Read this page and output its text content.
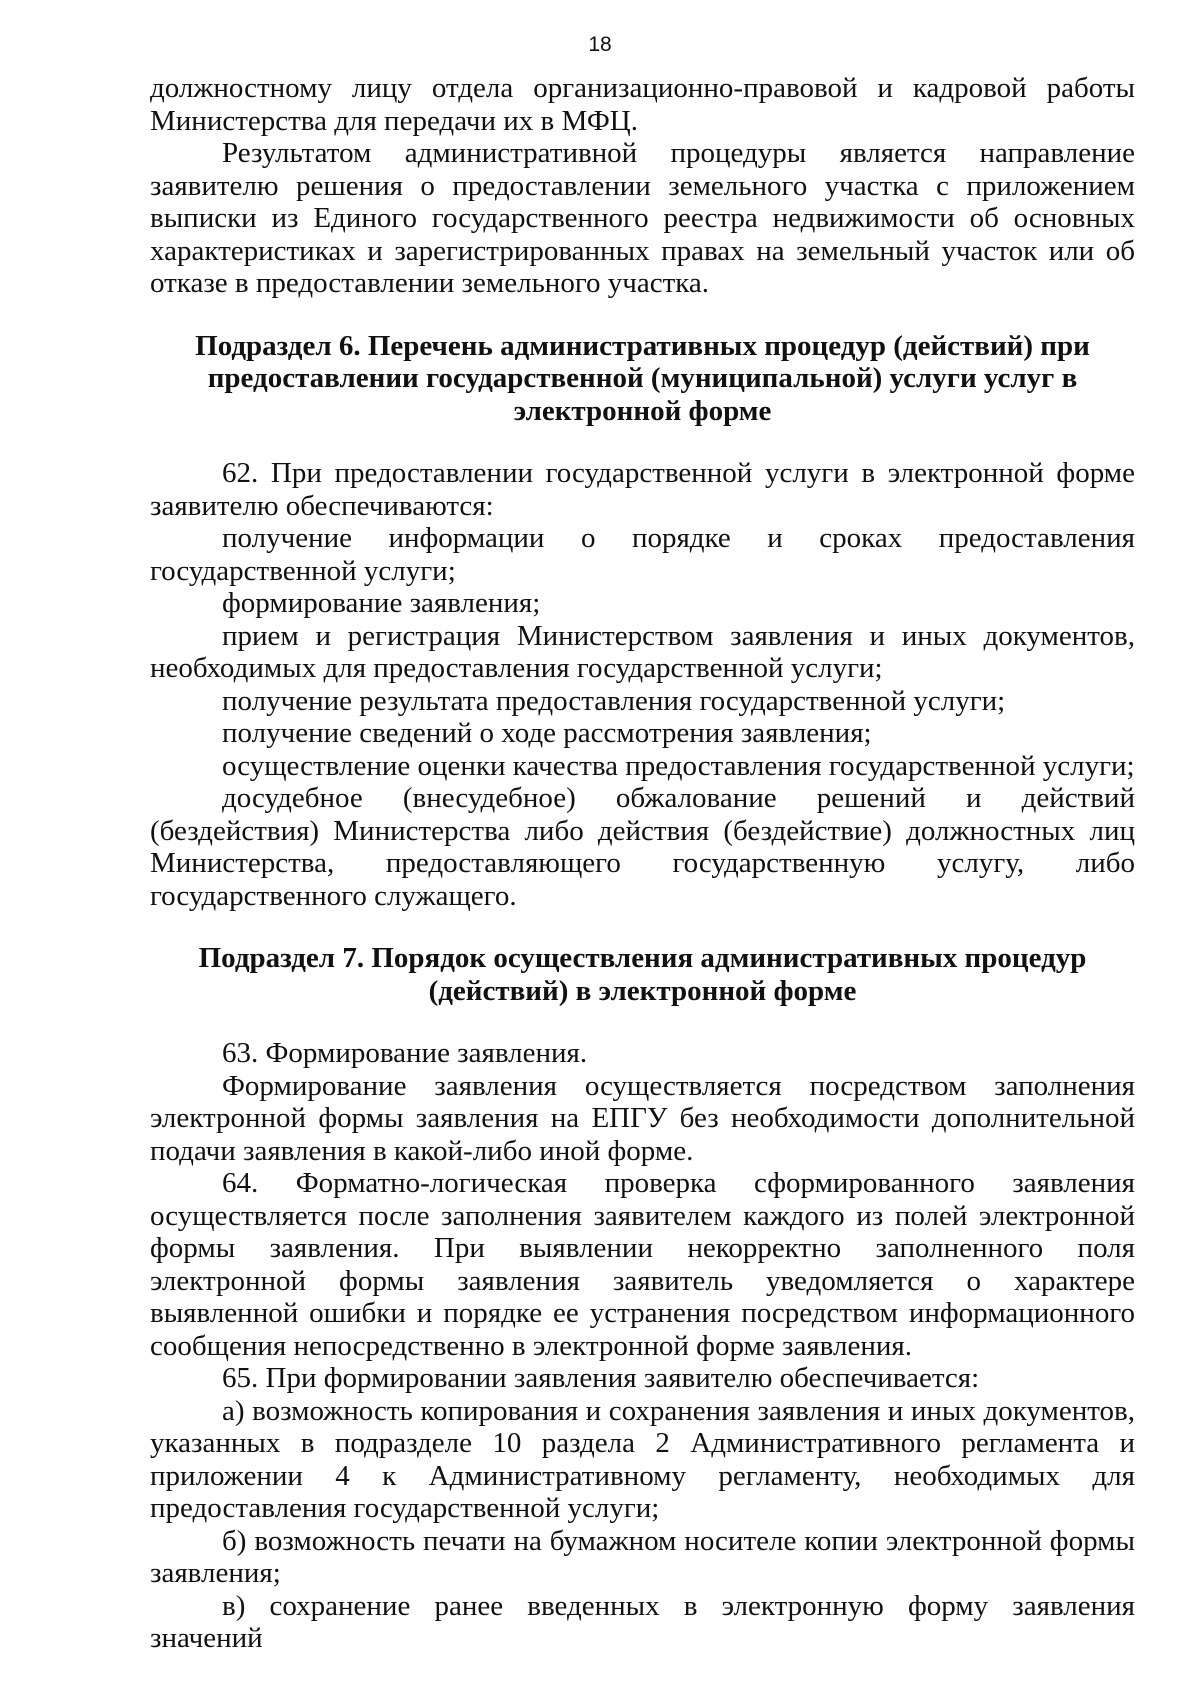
18

должностному лицу отдела организационно-правовой и кадровой работы Министерства для передачи их в МФЦ.

Результатом административной процедуры является направление заявителю решения о предоставлении земельного участка с приложением выписки из Единого государственного реестра недвижимости об основных характеристиках и зарегистрированных правах на земельный участок или об отказе в предоставлении земельного участка.

Подраздел 6. Перечень административных процедур (действий) при
предоставлении государственной (муниципальной) услуги услуг в
электронной форме

62. При предоставлении государственной услуги в электронной форме заявителю обеспечиваются:

получение информации о порядке и сроках предоставления государственной услуги;

формирование заявления;

прием и регистрация Министерством заявления и иных документов, необходимых для предоставления государственной услуги;

получение результата предоставления государственной услуги;

получение сведений о ходе рассмотрения заявления;

осуществление оценки качества предоставления государственной услуги;

досудебное (внесудебное) обжалование решений и действий (бездействия) Министерства либо действия (бездействие) должностных лиц Министерства, предоставляющего государственную услугу, либо государственного служащего.

Подраздел 7. Порядок осуществления административных процедур
(действий) в электронной форме

63. Формирование заявления.

Формирование заявления осуществляется посредством заполнения электронной формы заявления на ЕПГУ без необходимости дополнительной подачи заявления в какой-либо иной форме.

64. Форматно-логическая проверка сформированного заявления осуществляется после заполнения заявителем каждого из полей электронной формы заявления. При выявлении некорректно заполненного поля электронной формы заявления заявитель уведомляется о характере выявленной ошибки и порядке ее устранения посредством информационного сообщения непосредственно в электронной форме заявления.

65. При формировании заявления заявителю обеспечивается:

а) возможность копирования и сохранения заявления и иных документов, указанных в подразделе 10 раздела 2 Административного регламента и приложении 4 к Административному регламенту, необходимых для предоставления государственной услуги;

б) возможность печати на бумажном носителе копии электронной формы заявления;

в) сохранение ранее введенных в электронную форму заявления значений
